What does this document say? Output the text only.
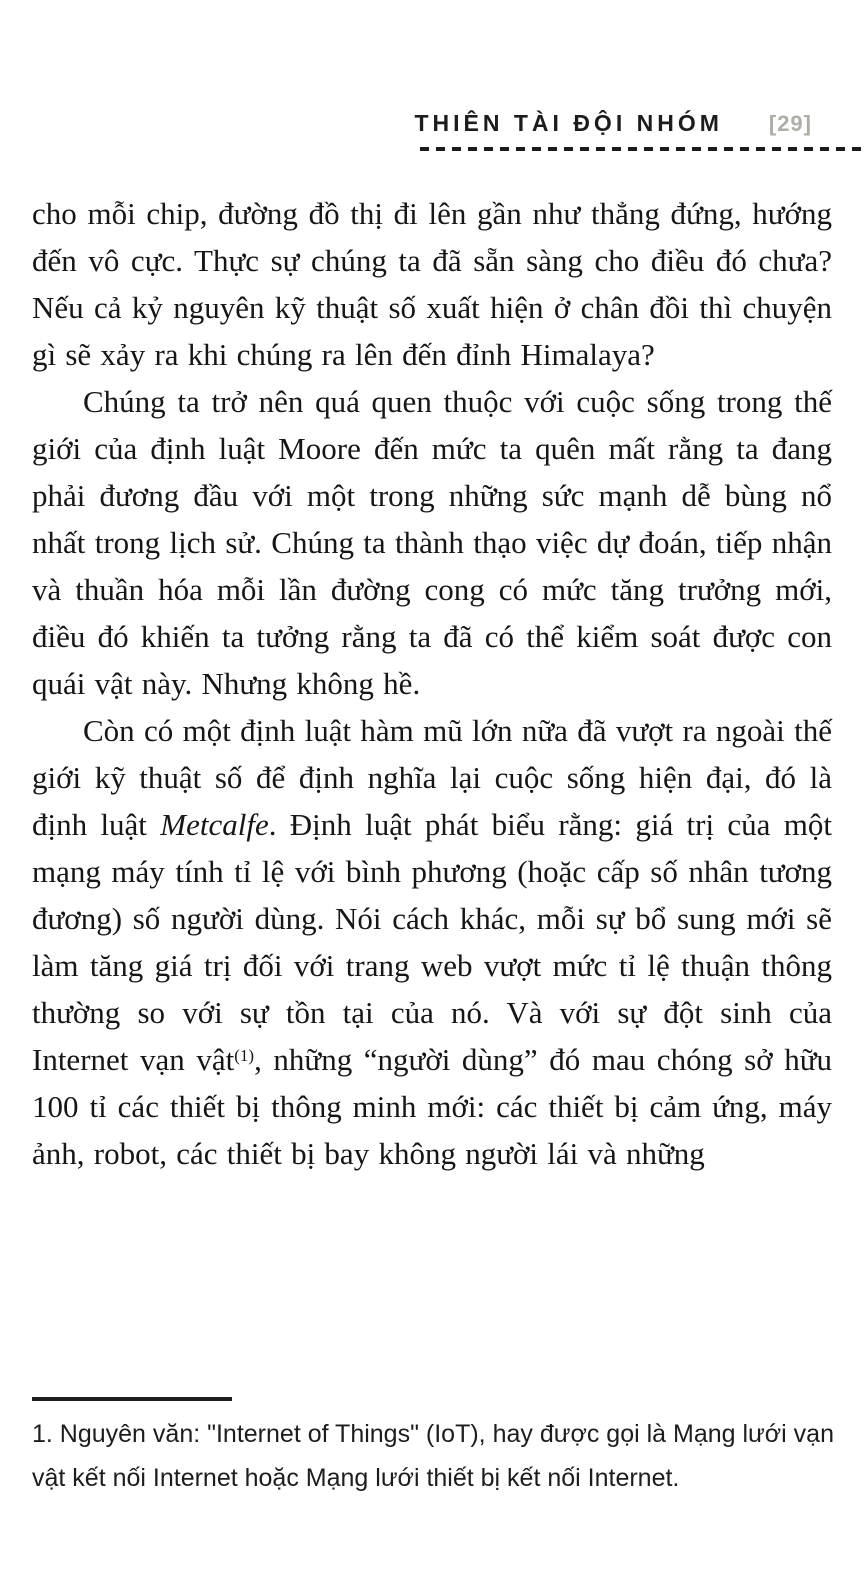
THIÊN TÀI ĐỘI NHÓM [29]

cho mỗi chip, đường đồ thị đi lên gần như thẳng đứng, hướng đến vô cực. Thực sự chúng ta đã sẵn sàng cho điều đó chưa? Nếu cả kỷ nguyên kỹ thuật số xuất hiện ở chân đồi thì chuyện gì sẽ xảy ra khi chúng ra lên đến đỉnh Himalaya?

Chúng ta trở nên quá quen thuộc với cuộc sống trong thế giới của định luật Moore đến mức ta quên mất rằng ta đang phải đương đầu với một trong những sức mạnh dễ bùng nổ nhất trong lịch sử. Chúng ta thành thạo việc dự đoán, tiếp nhận và thuần hóa mỗi lần đường cong có mức tăng trưởng mới, điều đó khiến ta tưởng rằng ta đã có thể kiểm soát được con quái vật này. Nhưng không hề.

Còn có một định luật hàm mũ lớn nữa đã vượt ra ngoài thế giới kỹ thuật số để định nghĩa lại cuộc sống hiện đại, đó là định luật Metcalfe. Định luật phát biểu rằng: giá trị của một mạng máy tính tỉ lệ với bình phương (hoặc cấp số nhân tương đương) số người dùng. Nói cách khác, mỗi sự bổ sung mới sẽ làm tăng giá trị đối với trang web vượt mức tỉ lệ thuận thông thường so với sự tồn tại của nó. Và với sự đột sinh của Internet vạn vật$^{(1)}$, những “người dùng” đó mau chóng sở hữu 100 tỉ các thiết bị thông minh mới: các thiết bị cảm ứng, máy ảnh, robot, các thiết bị bay không người lái và những

1. Nguyên văn: "Internet of Things" (IoT), hay được gọi là Mạng lưới vạn vật kết nối Internet hoặc Mạng lưới thiết bị kết nối Internet.
